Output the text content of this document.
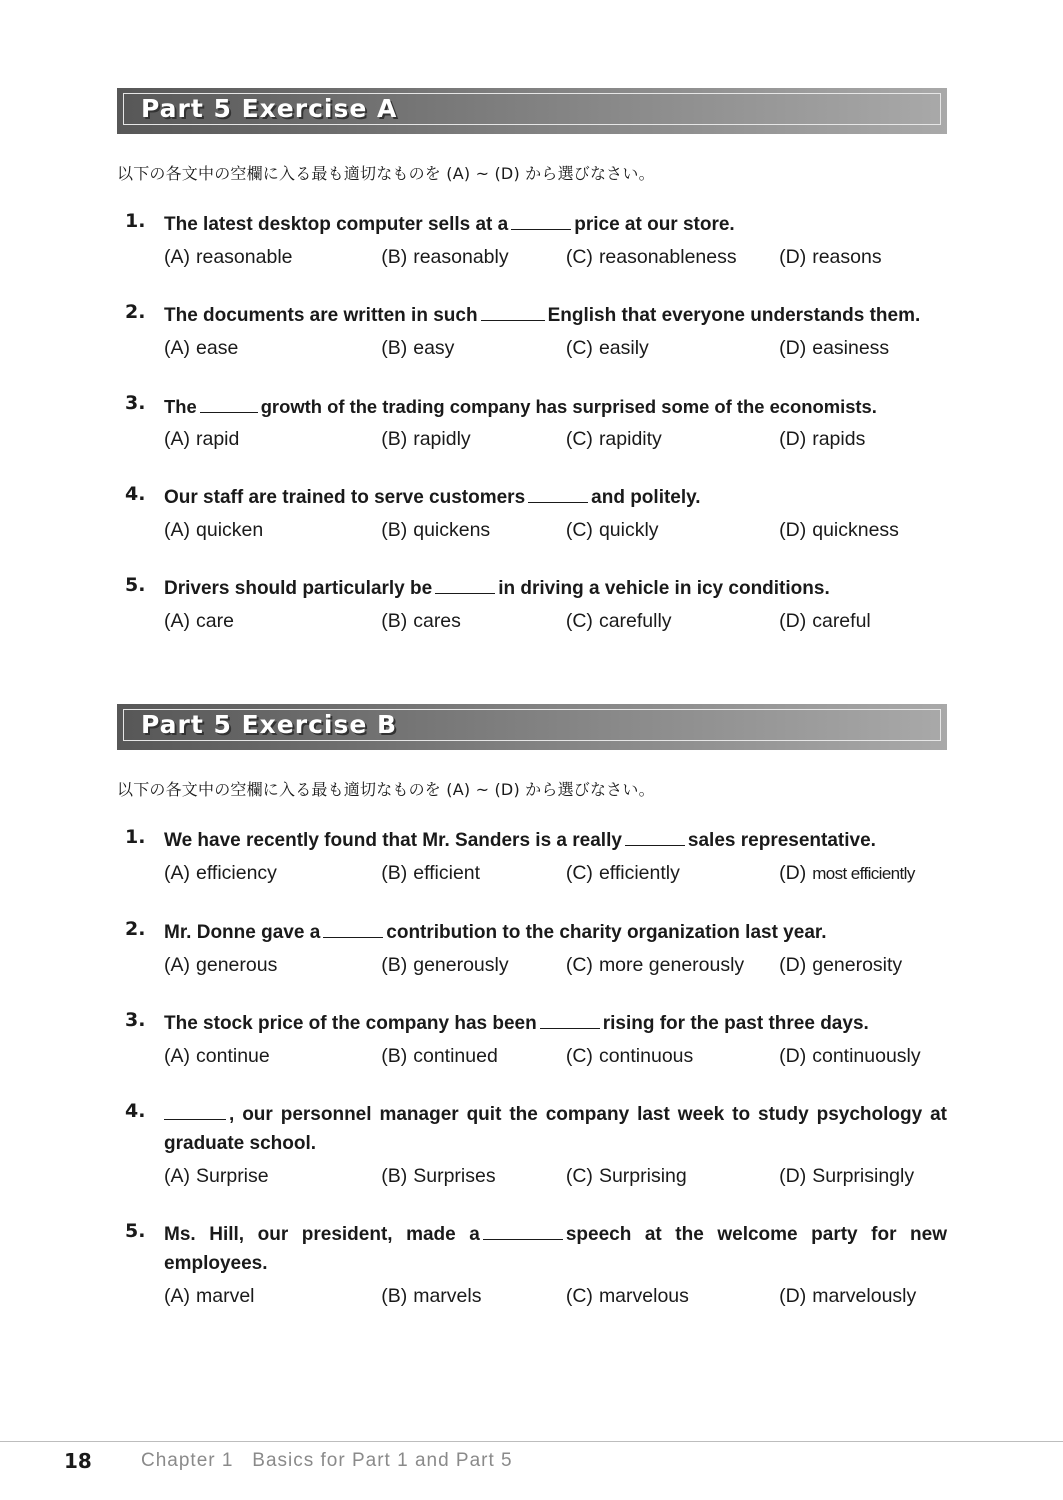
Part 5 Exercise A
以下の各文中の空欄に入る最も適切なものを (A) ~ (D) から選びなさい。
1. The latest desktop computer sells at a	price at our store.
(A) reasonable	(B) reasonably	(C) reasonableness	(D) reasons
2. The documents are written in such	English that everyone understands them.
(A) ease	(B) easy	(C) easily	(D) easiness
3. The	growth of the trading company has surprised some of the economists.
(A) rapid	(B) rapidly	(C) rapidity	(D) rapids
4. Our staff are trained to serve customers	and politely.
(A) quicken	(B) quickens	(C) quickly	(D) quickness
5. Drivers should particularly be	in driving a vehicle in icy conditions.
(A) care	(B) cares	(C) carefully	(D) careful
Part 5 Exercise B
以下の各文中の空欄に入る最も適切なものを (A) ~ (D) から選びなさい。
1. We have recently found that Mr. Sanders is a really	sales representative.
(A) efficiency	(B) efficient	(C) efficiently	(D) most efficiently
2. Mr. Donne gave a	contribution to the charity organization last year.
(A) generous	(B) generously	(C) more generously	(D) generosity
3. The stock price of the company has been	rising for the past three days.
(A) continue	(B) continued	(C) continuous	(D) continuously
4.	, our personnel manager quit the company last week to study psychology at graduate school.
(A) Surprise	(B) Surprises	(C) Surprising	(D) Surprisingly
5. Ms. Hill, our president, made a	speech at the welcome party for new employees.
(A) marvel	(B) marvels	(C) marvelous	(D) marvelously
18	Chapter 1   Basics for Part 1 and Part 5
